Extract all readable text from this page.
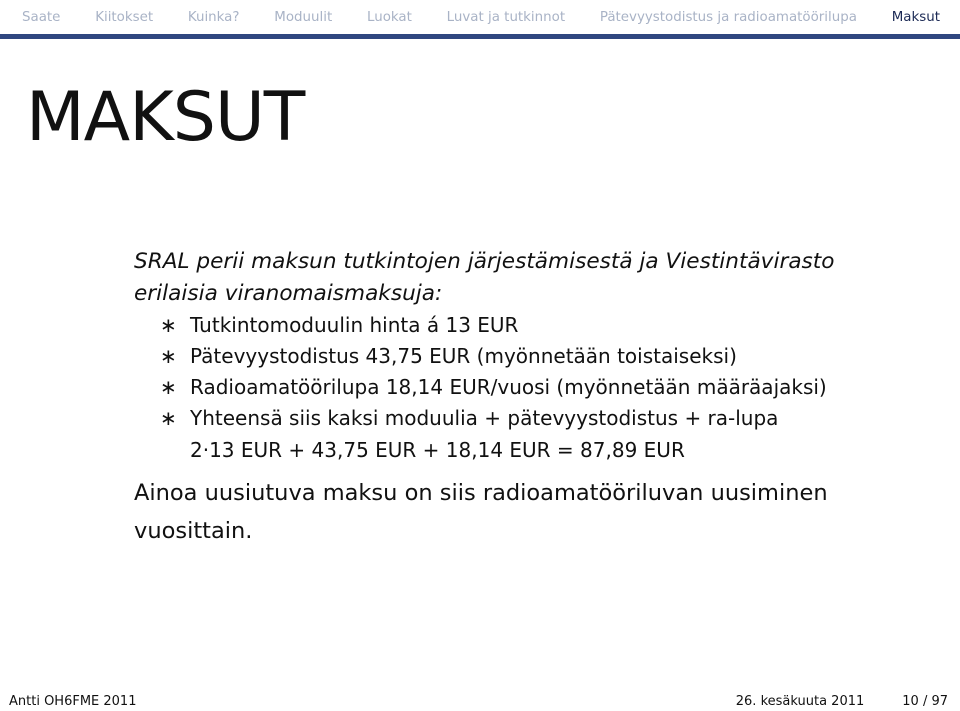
Saate	Kiitokset	Kuinka?	Moduulit	Luokat	Luvat ja tutkinnot	Pätevyystodistus ja radioamatöörilupa	Maksut
MAKSUT

SRAL perii maksun tutkintojen järjestämisestä ja Viestintävirasto erilaisia viranomaismaksuja:

∗ Tutkintomoduulin hinta á 13 EUR
∗ Pätevyystodistus 43,75 EUR (myönnetään toistaiseksi)
∗ Radioamatöörilupa 18,14 EUR/vuosi (myönnetään määräajaksi)
∗ Yhteensä siis kaksi moduulia + pätevyystodistus + ra-lupa

2·13 EUR + 43,75 EUR + 18,14 EUR = 87,89 EUR

Ainoa uusiutuva maksu on siis radioamatööriluvan uusiminen vuosittain.

Antti OH6FME 2011	26. kesäkuuta 2011	10 / 97
